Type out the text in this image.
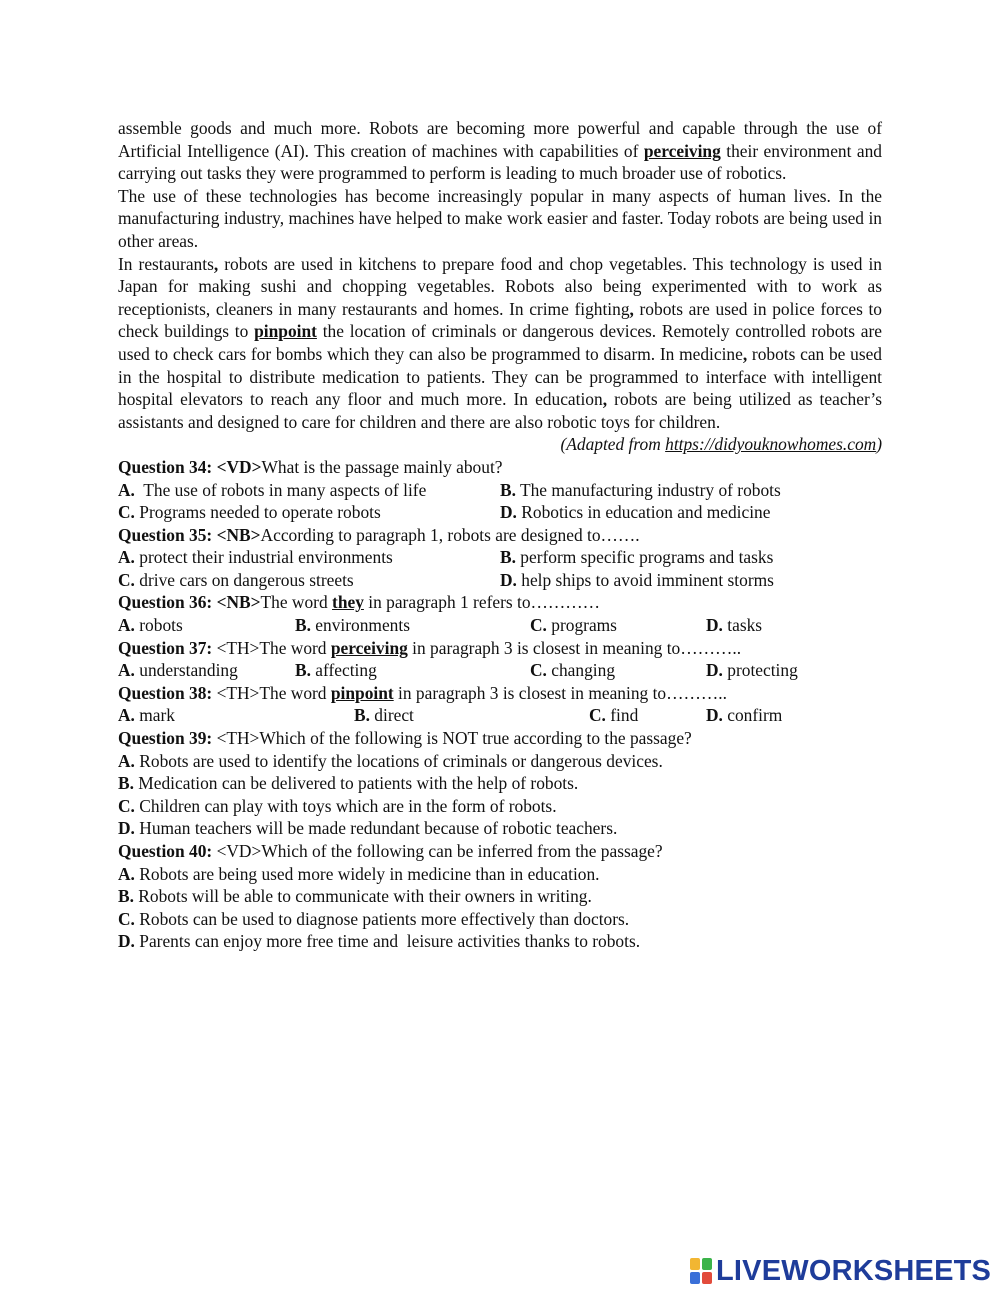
assemble goods and much more. Robots are becoming more powerful and capable through the use of Artificial Intelligence (AI). This creation of machines with capabilities of perceiving their environment and carrying out tasks they were programmed to perform is leading to much broader use of robotics.

The use of these technologies has become increasingly popular in many aspects of human lives. In the manufacturing industry, machines have helped to make work easier and faster. Today robots are being used in other areas.

In restaurants, robots are used in kitchens to prepare food and chop vegetables. This technology is used in Japan for making sushi and chopping vegetables. Robots also being experimented with to work as receptionists, cleaners in many restaurants and homes. In crime fighting, robots are used in police forces to check buildings to pinpoint the location of criminals or dangerous devices. Remotely controlled robots are used to check cars for bombs which they can also be programmed to disarm. In medicine, robots can be used in the hospital to distribute medication to patients. They can be programmed to interface with intelligent hospital elevators to reach any floor and much more. In education, robots are being utilized as teacher’s assistants and designed to care for children and there are also robotic toys for children.

(Adapted from https://didyouknowhomes.com)

Question 34: <VD>What is the passage mainly about?

A.  The use of robots in many aspects of life	B. The manufacturing industry of robots
C. Programs needed to operate robots	D. Robotics in education and medicine

Question 35: <NB>According to paragraph 1, robots are designed to…….

A. protect their industrial environments	B. perform specific programs and tasks
C. drive cars on dangerous streets	D. help ships to avoid imminent storms

Question 36: <NB>The word they in paragraph 1 refers to…………

A. robots	B. environments	C. programs	D. tasks

Question 37: <TH>The word perceiving in paragraph 3 is closest in meaning to………..

A. understanding	B. affecting	C. changing	D. protecting

Question 38: <TH>The word pinpoint in paragraph 3 is closest in meaning to………..

A. mark	B. direct	C. find	D. confirm

Question 39: <TH>Which of the following is NOT true according to the passage?

A. Robots are used to identify the locations of criminals or dangerous devices.

B. Medication can be delivered to patients with the help of robots.

C. Children can play with toys which are in the form of robots.

D. Human teachers will be made redundant because of robotic teachers.

Question 40: <VD>Which of the following can be inferred from the passage?

A. Robots are being used more widely in medicine than in education.

B. Robots will be able to communicate with their owners in writing.

C. Robots can be used to diagnose patients more effectively than doctors.

D. Parents can enjoy more free time and  leisure activities thanks to robots.

LIVEWORKSHEETS
